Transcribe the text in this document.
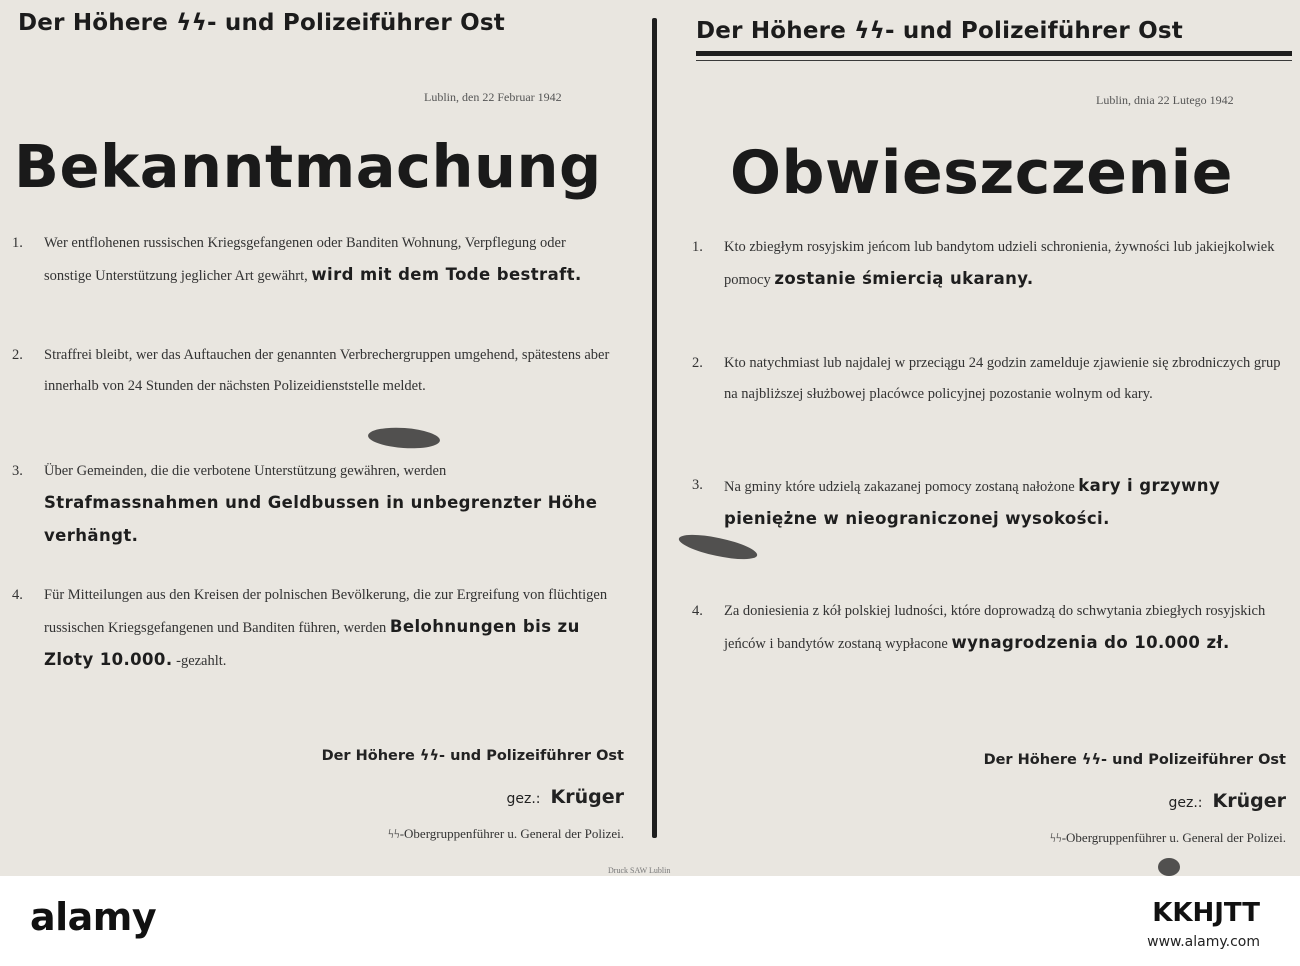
Der Höhere ϟϟ- und Polizeiführer Ost
Lublin, den 22 Februar 1942
Bekanntmachung
1.	Wer entflohenen russischen Kriegsgefangenen oder Banditen Wohnung, Verpflegung oder sonstige Unterstützung jeglicher Art gewährt, wird mit dem Tode bestraft.
2.	Straffrei bleibt, wer das Auftauchen der genannten Verbrechergruppen umgehend, spätestens aber innerhalb von 24 Stunden der nächsten Polizeidienststelle meldet.
3.	Über Gemeinden, die die verbotene Unterstützung gewähren, werden Strafmassnahmen und Geldbussen in unbegrenzter Höhe verhängt.
4.	Für Mitteilungen aus den Kreisen der polnischen Bevölkerung, die zur Ergreifung von flüchtigen russischen Kriegsgefangenen und Banditen führen, werden Belohnungen bis zu Zloty 10.000. -gezahlt.
Der Höhere ϟϟ- und Polizeiführer Ost
gez.: Krüger
ϟϟ-Obergruppenführer u. General der Polizei.
Der Höhere ϟϟ- und Polizeiführer Ost
Lublin, dnia 22 Lutego 1942
Obwieszczenie
1.	Kto zbiegłym rosyjskim jeńcom lub bandytom udzieli schronienia, żywności lub jakiejkolwiek pomocy zostanie śmiercią ukarany.
2.	Kto natychmiast lub najdalej w przeciągu 24 godzin zamelduje zjawienie się zbrodniczych grup na najbliższej służbowej placówce policyjnej pozostanie wolnym od kary.
3.	Na gminy które udzielą zakazanej pomocy zostaną nałożone kary i grzywny pieniężne w nieograniczonej wysokości.
4.	Za doniesienia z kół polskiej ludności, które doprowadzą do schwytania zbiegłych rosyjskich jeńców i bandytów zostaną wypłacone wynagrodzenia do 10.000 zł.
Der Höhere ϟϟ- und Polizeiführer Ost
gez.: Krüger
ϟϟ-Obergruppenführer u. General der Polizei.
Druck SAW Lublin
alamy	KKHJTT
www.alamy.com
